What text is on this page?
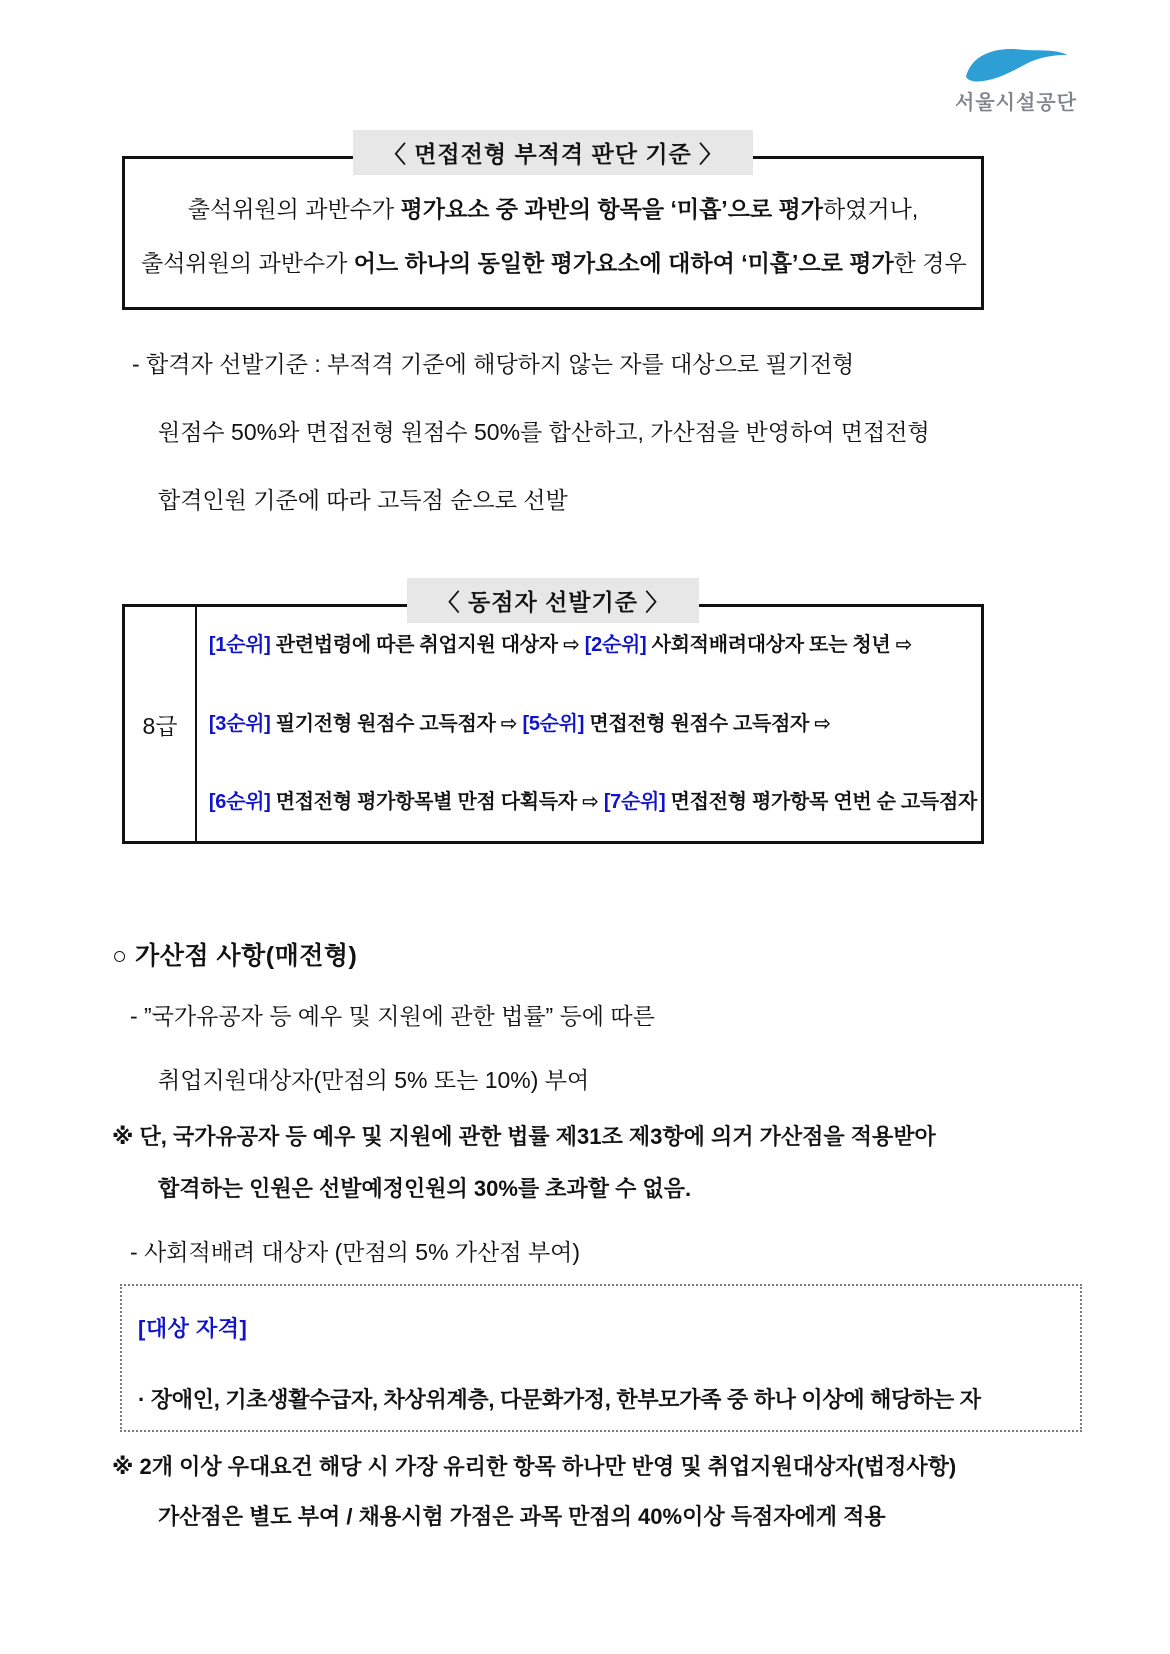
서울시설공단
〈 면접전형 부적격 판단 기준 〉

출석위원의 과반수가 평가요소 중 과반의 항목을 ‘미흡’으로 평가하였거나,

출석위원의 과반수가 어느 하나의 동일한 평가요소에 대하여 ‘미흡’으로 평가한 경우

- 합격자 선발기준 : 부적격 기준에 해당하지 않는 자를 대상으로 필기전형

원점수 50%와 면접전형 원점수 50%를 합산하고, 가산점을 반영하여 면접전형

합격인원 기준에 따라 고득점 순으로 선발

〈 동점자 선발기준 〉
8급

[1순위] 관련법령에 따른 취업지원 대상자 ⇨ [2순위] 사회적배려대상자 또는 청년 ⇨

[3순위] 필기전형 원점수 고득점자 ⇨ [5순위] 면접전형 원점수 고득점자 ⇨

[6순위] 면접전형 평가항목별 만점 다획득자 ⇨ [7순위] 면접전형 평가항목 연번 순 고득점자

○ 가산점 사항(매전형)

- ”국가유공자 등 예우 및 지원에 관한 법률” 등에 따른

취업지원대상자(만점의 5% 또는 10%) 부여

※ 단, 국가유공자 등 예우 및 지원에 관한 법률 제31조 제3항에 의거 가산점을 적용받아

합격하는 인원은 선발예정인원의 30%를 초과할 수 없음.

- 사회적배려 대상자 (만점의 5% 가산점 부여)

[대상 자격]

· 장애인, 기초생활수급자, 차상위계층, 다문화가정, 한부모가족 중 하나 이상에 해당하는 자

※ 2개 이상 우대요건 해당 시 가장 유리한 항목 하나만 반영 및 취업지원대상자(법정사항)

가산점은 별도 부여 / 채용시험 가점은 과목 만점의 40%이상 득점자에게 적용
